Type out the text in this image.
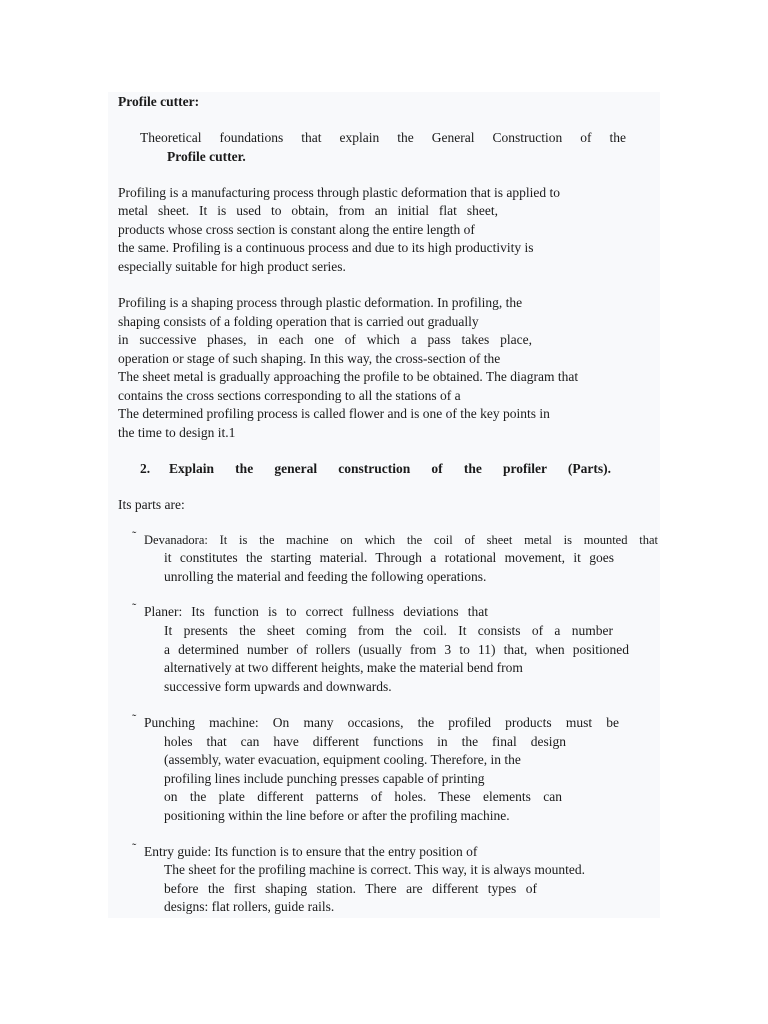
Profile cutter:

Theoretical foundations that explain the General Construction of the

Profile cutter.

Profiling is a manufacturing process through plastic deformation that is applied to

metal sheet. It is used to obtain, from an initial flat sheet,

products whose cross section is constant along the entire length of

the same. Profiling is a continuous process and due to its high productivity is

especially suitable for high product series.

Profiling is a shaping process through plastic deformation. In profiling, the

shaping consists of a folding operation that is carried out gradually

in successive phases, in each one of which a pass takes place,

operation or stage of such shaping. In this way, the cross-section of the

The sheet metal is gradually approaching the profile to be obtained. The diagram that

contains the cross sections corresponding to all the stations of a

The determined profiling process is called flower and is one of the key points in

the time to design it.1

2. Explain the general construction of the profiler (Parts).

Its parts are:

˜ Devanadora: It is the machine on which the coil of sheet metal is mounted that

it constitutes the starting material. Through a rotational movement, it goes

unrolling the material and feeding the following operations.

˜ Planer: Its function is to correct fullness deviations that

It presents the sheet coming from the coil. It consists of a number

a determined number of rollers (usually from 3 to 11) that, when positioned

alternatively at two different heights, make the material bend from

successive form upwards and downwards.

˜ Punching machine: On many occasions, the profiled products must be

holes that can have different functions in the final design

(assembly, water evacuation, equipment cooling. Therefore, in the

profiling lines include punching presses capable of printing

on the plate different patterns of holes. These elements can

positioning within the line before or after the profiling machine.

˜ Entry guide: Its function is to ensure that the entry position of

The sheet for the profiling machine is correct. This way, it is always mounted.

before the first shaping station. There are different types of

designs: flat rollers, guide rails.
